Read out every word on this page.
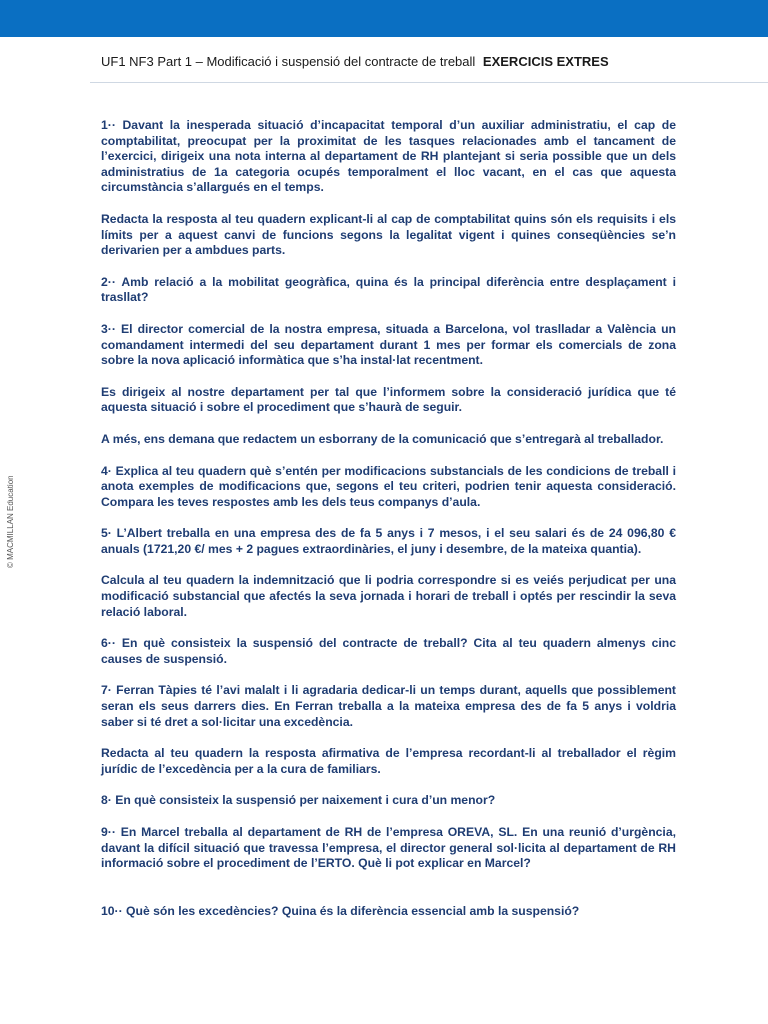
UF1 NF3 Part 1 – Modificació i suspensió del contracte de treball EXERCICIS EXTRES
© MACMILLAN Education

1·· Davant la inesperada situació d’incapacitat temporal d’un auxiliar administratiu, el cap de comptabilitat, preocupat per la proximitat de les tasques relacionades amb el tancament de l’exercici, dirigeix una nota interna al departament de RH plantejant si seria possible que un dels administratius de 1a categoria ocupés temporalment el lloc vacant, en el cas que aquesta circumstància s’allargués en el temps.

Redacta la resposta al teu quadern explicant-li al cap de comptabilitat quins són els requisits i els límits per a aquest canvi de funcions segons la legalitat vigent i quines conseqüències se’n derivarien per a ambdues parts.

2·· Amb relació a la mobilitat geogràfica, quina és la principal diferència entre desplaçament i trasllat?

3·· El director comercial de la nostra empresa, situada a Barcelona, vol traslladar a València un comandament intermedi del seu departament durant 1 mes per formar els comercials de zona sobre la nova aplicació informàtica que s’ha instal·lat recentment.

Es dirigeix al nostre departament per tal que l’informem sobre la consideració jurídica que té aquesta situació i sobre el procediment que s’haurà de seguir.

A més, ens demana que redactem un esborrany de la comunicació que s’entregarà al treballador.

4· Explica al teu quadern què s’entén per modificacions substancials de les condicions de treball i anota exemples de modificacions que, segons el teu criteri, podrien tenir aquesta consideració. Compara les teves respostes amb les dels teus companys d’aula.

5· L’Albert treballa en una empresa des de fa 5 anys i 7 mesos, i el seu salari és de 24 096,80 € anuals (1721,20 €/ mes + 2 pagues extraordinàries, el juny i desembre, de la mateixa quantia).

Calcula al teu quadern la indemnització que li podria correspondre si es veiés perjudicat per una modificació substancial que afectés la seva jornada i horari de treball i optés per rescindir la seva relació laboral.

6·· En què consisteix la suspensió del contracte de treball? Cita al teu quadern almenys cinc causes de suspensió.

7· Ferran Tàpies té l’avi malalt i li agradaria dedicar-li un temps durant, aquells que possiblement seran els seus darrers dies. En Ferran treballa a la mateixa empresa des de fa 5 anys i voldria saber si té dret a sol·licitar una excedència.

Redacta al teu quadern la resposta afirmativa de l’empresa recordant-li al treballador el règim jurídic de l’excedència per a la cura de familiars.

8· En què consisteix la suspensió per naixement i cura d’un menor?

9·· En Marcel treballa al departament de RH de l’empresa OREVA, SL. En una reunió d’urgència, davant la difícil situació que travessa l’empresa, el director general sol·licita al departament de RH informació sobre el procediment de l’ERTO. Què li pot explicar en Marcel?

10·· Què són les excedències? Quina és la diferència essencial amb la suspensió?
